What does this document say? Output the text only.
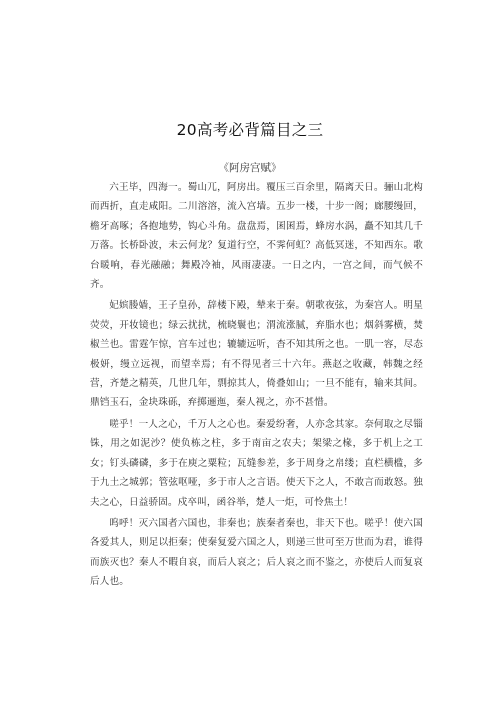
20高考必背篇目之三
《阿房宫赋》

六王毕，四海一。蜀山兀，阿房出。覆压三百余里，隔离天日。骊山北构而西折，直走咸阳。二川溶溶，流入宫墙。五步一楼，十步一阁；廊腰缦回，檐牙高啄；各抱地势，钩心斗角。盘盘焉，囷囷焉，蜂房水涡，矗不知其几千万落。长桥卧波，未云何龙？复道行空，不霁何虹？高低冥迷，不知西东。歌台暖响，春光融融；舞殿冷袖，风雨凄凄。一日之内，一宫之间，而气候不齐。

妃嫔媵嫱，王子皇孙，辞楼下殿，辇来于秦。朝歌夜弦，为秦宫人。明星荧荧，开妆镜也；绿云扰扰，梳晓鬟也；渭流涨腻，弃脂水也；烟斜雾横，焚椒兰也。雷霆乍惊，宫车过也；辘辘远听，杳不知其所之也。一肌一容，尽态极妍，缦立远视，而望幸焉；有不得见者三十六年。燕赵之收藏，韩魏之经营，齐楚之精英，几世几年，剽掠其人，倚叠如山；一旦不能有，输来其间。鼎铛玉石，金块珠砾，弃掷逦迤，秦人视之，亦不甚惜。

嗟乎！一人之心，千万人之心也。秦爱纷奢，人亦念其家。奈何取之尽锱铢，用之如泥沙？使负栋之柱，多于南亩之农夫；架梁之椽，多于机上之工女；钉头磷磷，多于在庾之粟粒；瓦缝参差，多于周身之帛缕；直栏横槛，多于九土之城郭；管弦呕哑，多于市人之言语。使天下之人，不敢言而敢怒。独夫之心，日益骄固。戍卒叫，函谷举，楚人一炬，可怜焦土！

呜呼！灭六国者六国也，非秦也；族秦者秦也，非天下也。嗟乎！使六国各爱其人，则足以拒秦；使秦复爱六国之人，则递三世可至万世而为君，谁得而族灭也？秦人不暇自哀，而后人哀之；后人哀之而不鉴之，亦使后人而复哀后人也。
